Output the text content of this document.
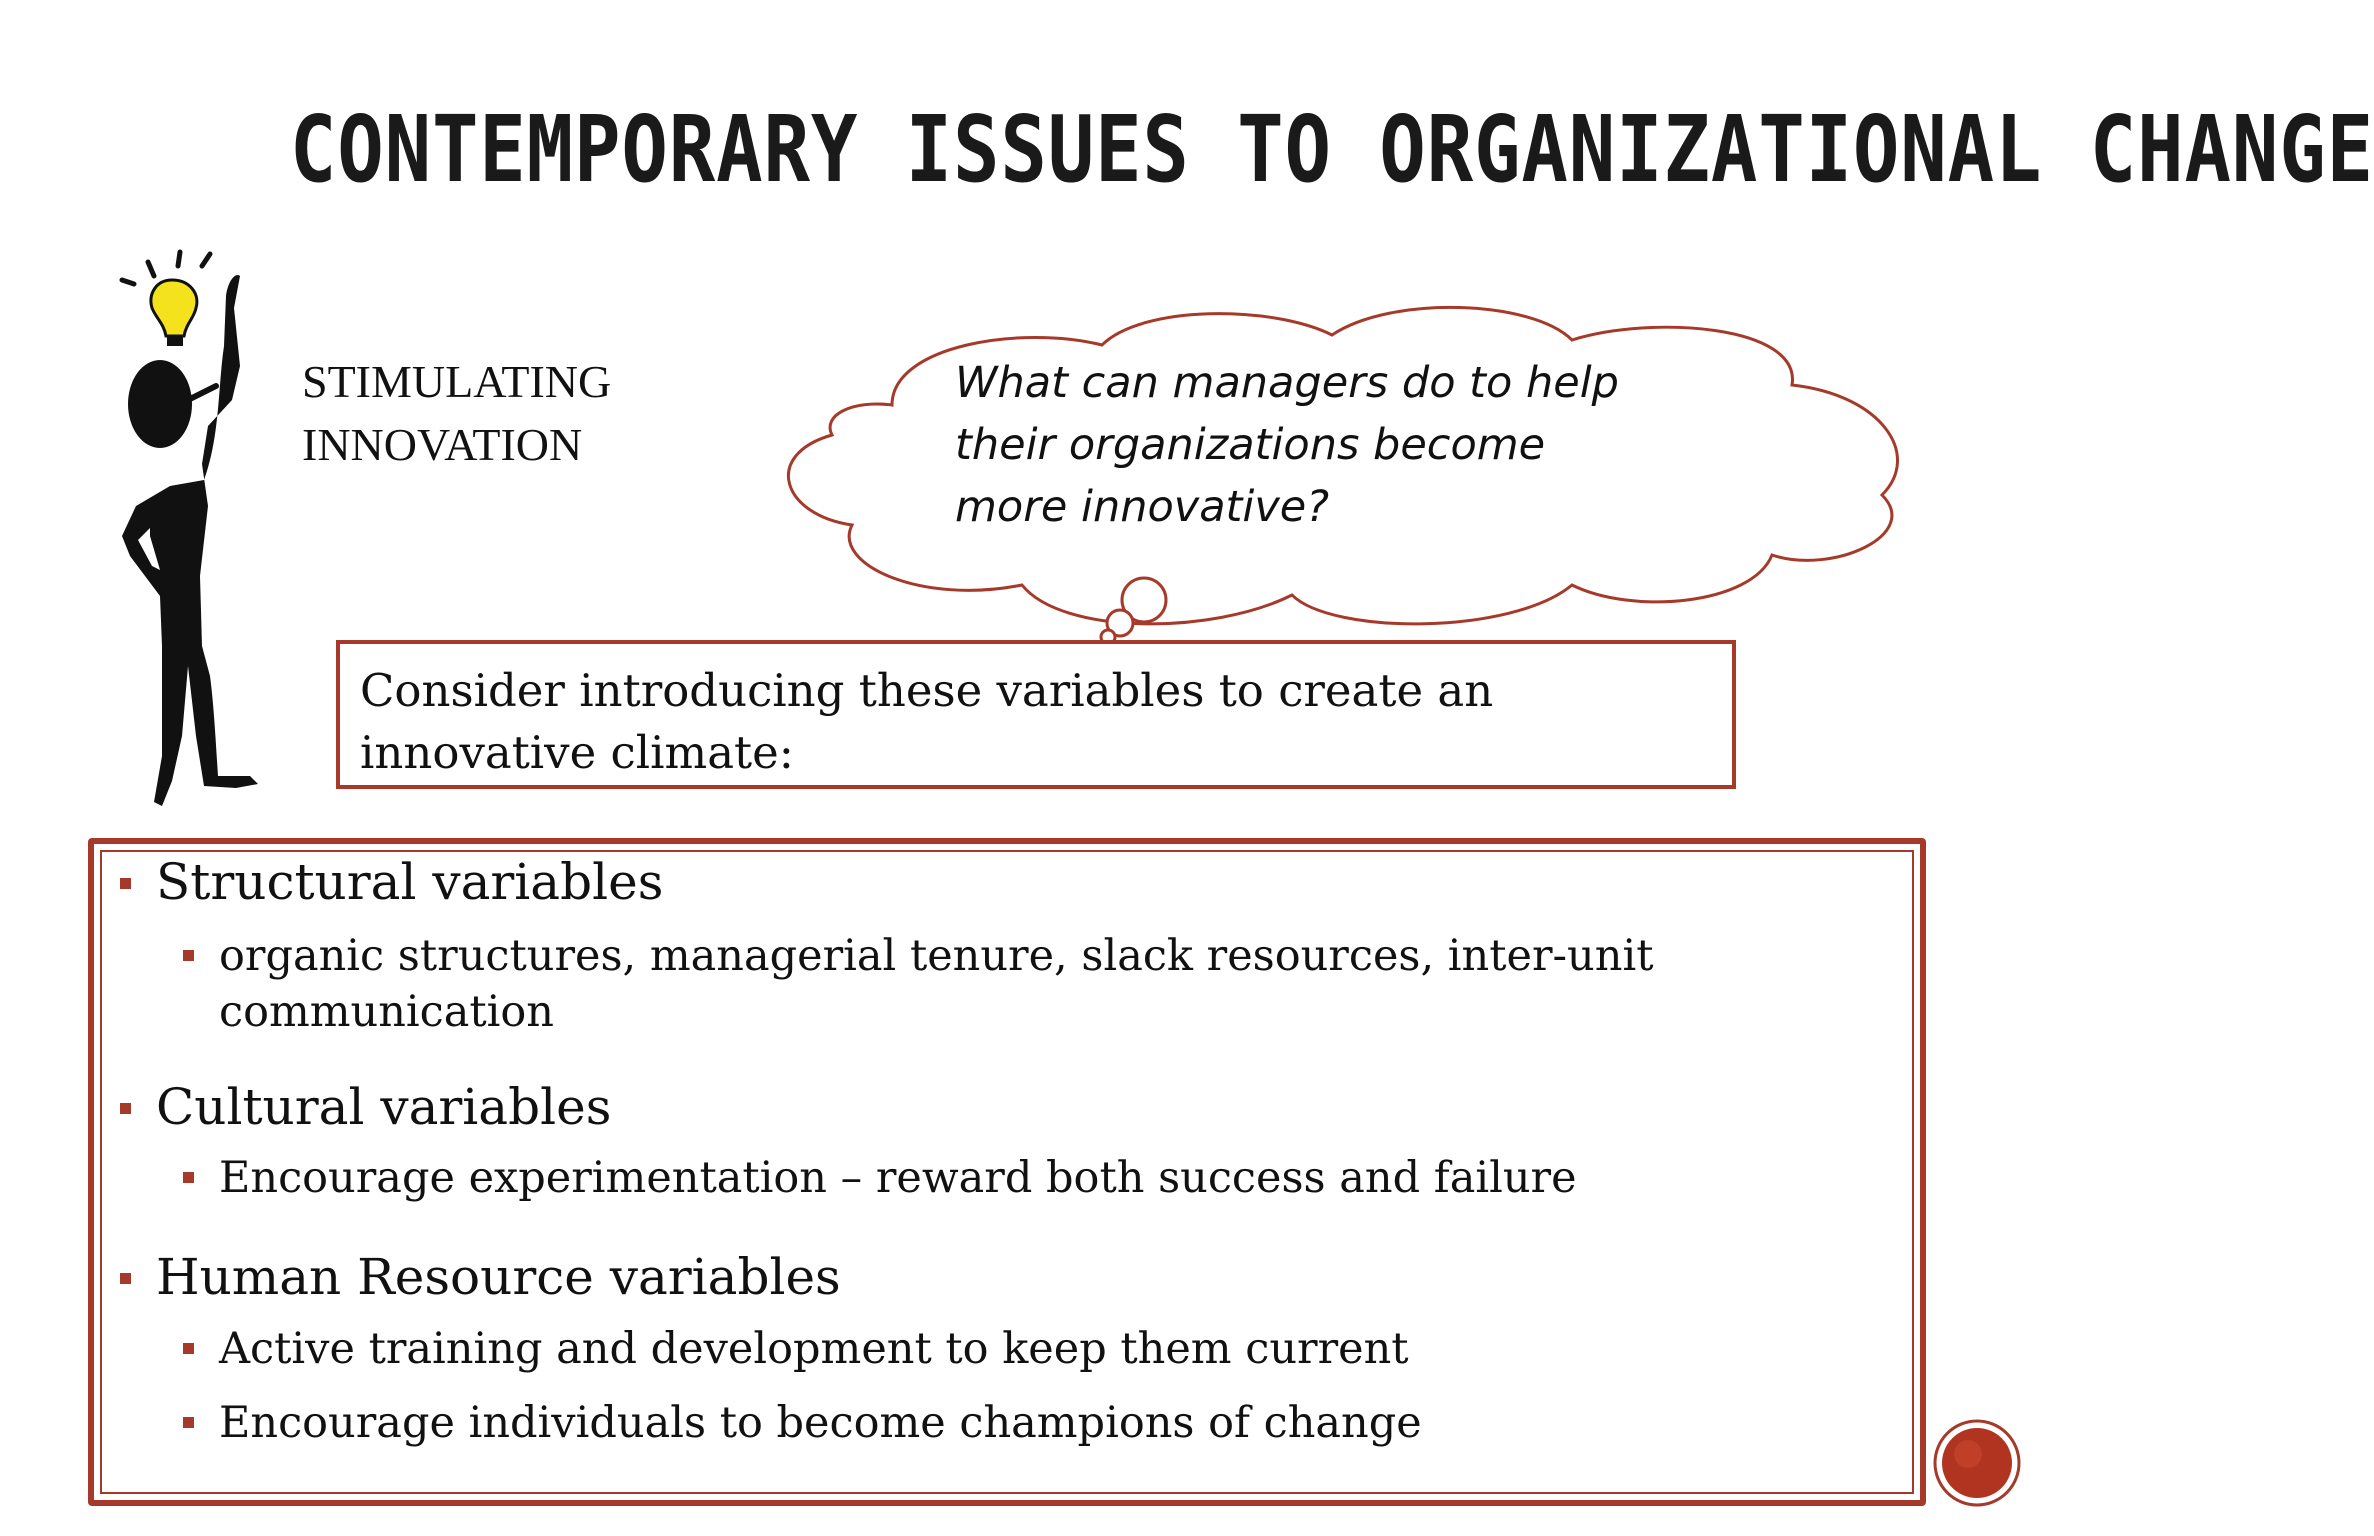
CONTEMPORARY ISSUES TO ORGANIZATIONAL CHANGE
STIMULATING
INNOVATION
What can managers do to help
their organizations become
more innovative?
Consider introducing these variables to create an
innovative climate:
Structural variables
organic structures, managerial tenure, slack resources, inter-unit
communication
Cultural variables
Encourage experimentation – reward both success and failure
Human Resource variables
Active training and development to keep them current
Encourage individuals to become champions of change
